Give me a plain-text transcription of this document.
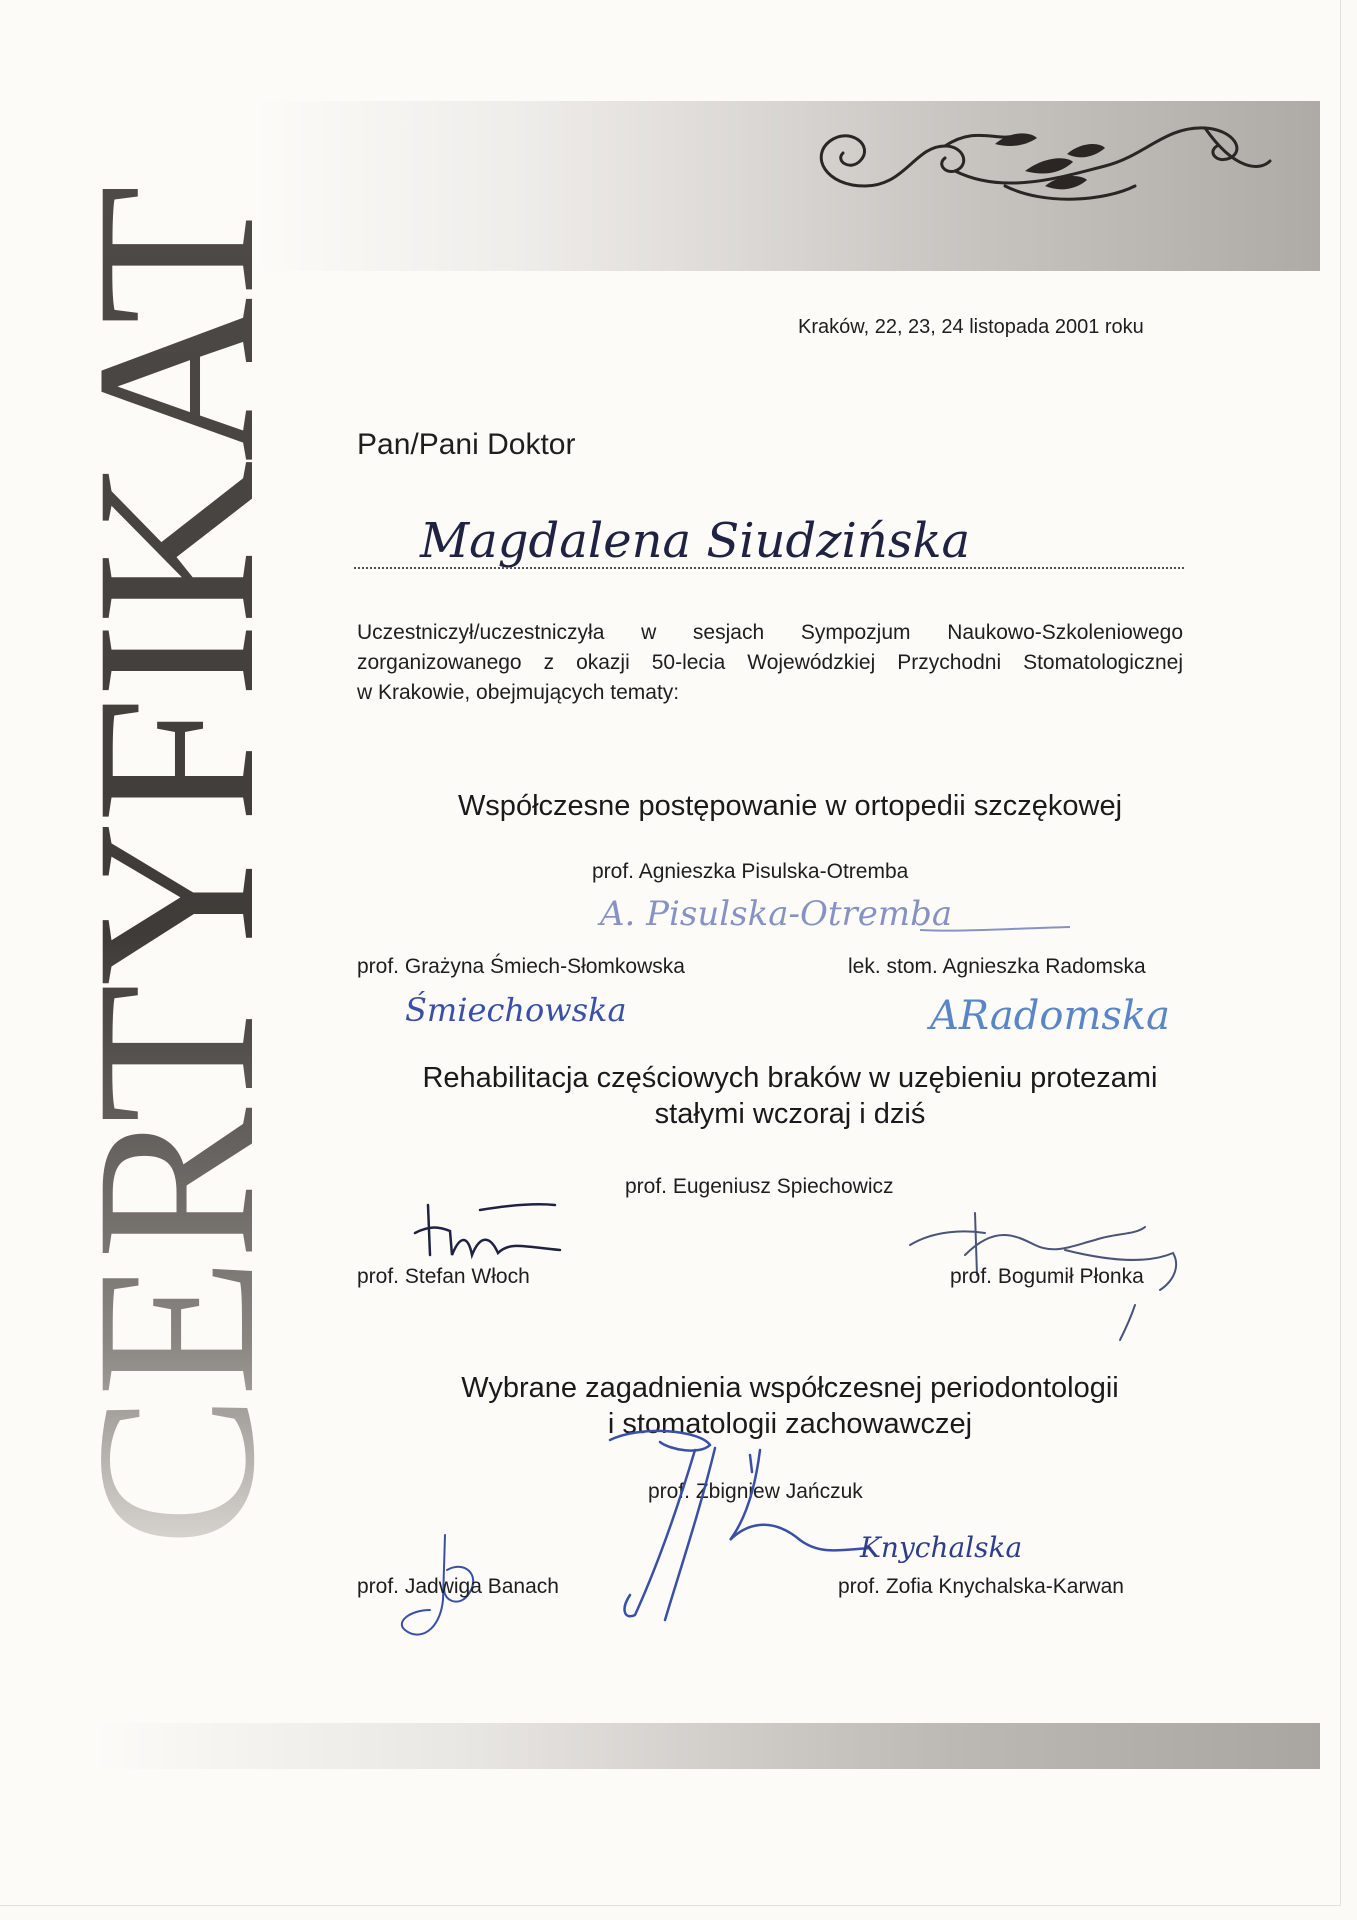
CERTYFIKAT	Kraków, 22, 23, 24 listopada 2001 roku
Pan/Pani Doktor
Magdalena Siudzińska
Uczestniczył/uczestniczyła w sesjach Sympozjum Naukowo-Szkoleniowego
zorganizowanego z okazji 50-lecia Wojewódzkiej Przychodni Stomatologicznej
w Krakowie, obejmujących tematy:
Współczesne postępowanie w ortopedii szczękowej
prof. Agnieszka Pisulska-Otremba
A. Pisulska-Otremba
prof. Grażyna Śmiech-Słomkowska	lek. stom. Agnieszka Radomska
Śmiechowska	ARadomska
Rehabilitacja częściowych braków w uzębieniu protezami
stałymi wczoraj i dziś
prof. Eugeniusz Spiechowicz
prof. Stefan Włoch	prof. Bogumił Płonka
Wybrane zagadnienia współczesnej periodontologii
i stomatologii zachowawczej
prof. Zbigniew Jańczuk
Knychalska
prof. Jadwiga Banach	prof. Zofia Knychalska-Karwan
